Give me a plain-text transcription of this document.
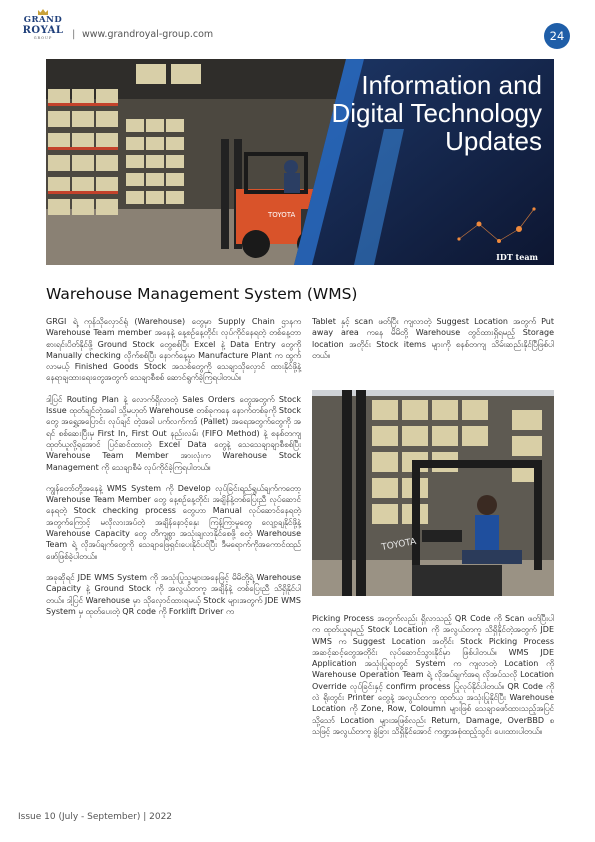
GRAND
ROYAL
GROUP	| www.grandroyal-group.com	24
TOYOTA
Information and Digital Technology Updates
IDT team
Warehouse Management System (WMS)

GRGI ရဲ့ ကုန်သိုလှောင်ရုံ (Warehouse) တွေမှာ Supply Chain ဌာနက Warehouse Team member အနေနဲ့ နေ့စဉ်နေ့တိုင်း လုပ်ကိုင်နေရတဲ့ တစ်နေ့တာ စားရင်းပိတ်နိုင်ဖို့ Ground Stock တွေစစ်ပြီး Excel နဲ့ Data Entry တွေကို Manually checking လိုက်စစ်ပြီး နောက်နေ့မှာ Manufacture Plant က ထွက်လာမယ့် Finished Goods Stock အသစ်တွေကို သေချာသိုလှောင် ထားနိုင်ဖို့နဲ့ နေရာချထားရေးတွေအတွက် သေချာစီစစ် ဆောင်ရွက်ခဲ့ကြရပါတယ်။

ဒါ့ပြင် Routing Plan နဲ့ လောက်ရှိလာတဲ့ Sales Orders တွေအတွက် Stock Issue ထုတ်ချင်တဲ့အခါ သို့မဟုတ် Warehouse တစ်ခုကနေ နောက်တစ်ခုကို Stock တွေ အရွှေ့အပြောင်း လုပ်ချင် တဲ့အခါ ပက်လက်ကဒ် (Pallet) အရေအတွက်တွေကို အရင် စစ်ဆေးပြီးမှ First In, First Out နည်းလမ်း (FIFO Method) နဲ့ စနစ်တကျ ထုတ်ယူလို့ရအောင် ပြင်ဆင်ထားတဲ့ Excel Data တွေနဲ့ သေသေချာချာစီစစ်ပြီး Warehouse Team Member အားလုံးက Warehouse Stock Management ကို သေချာစီမံ လုပ်ကိုင်ခဲ့ကြရပါတယ်။

ကျွန်တော်တို့အနေနဲ့ WMS System ကို Develop လုပ်ခြင်းရည်ရွယ်ချက်ကတော့ Warehouse Team Member တွေ နေ့စဉ်နေ့တိုင်း အချိန်နဲ့တစ်ပြေးညီ လုပ်ဆောင်နေရတဲ့ Stock checking process တွေဟာ Manual လုပ်ဆောင်နေရတဲ့ အတွက်ကြောင့် မလိုလားအပ်တဲ့ အချိန်နောင့်နှေး ကြန့်ကြာမှုတွေ လျော့ချနိုင်ဖို့နဲ့ Warehouse Capacity တွေ တိကျစွာ အသုံးချလာနိုင်စေဖို့ စတဲ့ Warehouse Team ရဲ့ လိုအပ်ချက်တွေကို သေချာဖြေရှင်းပေးနိုင်ပင်ပြီး ဒီမရောက်ကိုအကောင်ထည် ဖော်ဖြစ်ခဲ့ပါတယ်။

အခုဆိုရင် JDE WMS System ကို အသုံးပြုသူများအနေဖြင့် မိမိတို့ရဲ့ Warehouse Capacity နဲ့ Ground Stock ကို အလွယ်တကူ အချိန်နဲ့ တစ်ပြေးညီ သိရှိနိုင်ပါတယ်။ ဒါ့ပြင် Warehouse မှာ သိုလှောင်ထားရမယ့် Stock များအတွက် JDE WMS System မှ ထုတ်ပေးတဲ့ QR code ကို Forklift Driver က

Tablet နှင့် scan ဖတ်ပြီး ကျလာတဲ့ Suggest Location အတွက် Put away area ကနေ မိမိတို့ Warehouse တွင်ထားရှိရမည့် Storage location အတိုင်း Stock items များကို စနစ်တကျ သိမ်းဆည်းနိုင်ပြီဖြစ်ပါတယ်။

TOYOTA

Picking Process အတွက်လည်း ရှိလာသည့် QR Code ကို Scan ဖတ်ပြီးပါက ထုတ်ယူရမည့် Stock Location ကို အလွယ်တကူ သိရှိနိုင်တဲ့အတွက် JDE WMS က Suggest Location အတိုင်း Stock Picking Process အဆင့်ဆင့်တွေအတိုင်း လုပ်ဆောင်သွားနိုင်မှာ ဖြစ်ပါတယ်။ WMS JDE Application အသုံးပြုရာတွင် System က ကျလာတဲ့ Location ကို Warehouse Operation Team ရဲ့ လိုအပ်ချက်အရ လိုအပ်သလို Location Override လုပ်ခြင်းနှင့် confirm process ပြုလုပ်နိုင်ပါတယ်။ QR Code ကိုလဲ ရိုးတွင်း Printer တွေနဲ့ အလွယ်တကူ ထုတ်ယူ အသုံးပြုနိုင်ပြီး Warehouse Location ကို Zone, Row, Coloumn များဖြစ် သေချာဖော်ထားသည့်အပြင် သို့သော် Location များအဖြစ်လည်း Return, Damage, OverBBD စသဖြင့် အလွယ်တကူ ခွဲခြား သိရှိနိုင်အောင် ကဏ္ဍအစုံထည့်သွင်း ပေးထားပါတယ်။

Issue 10 (July - September) | 2022
